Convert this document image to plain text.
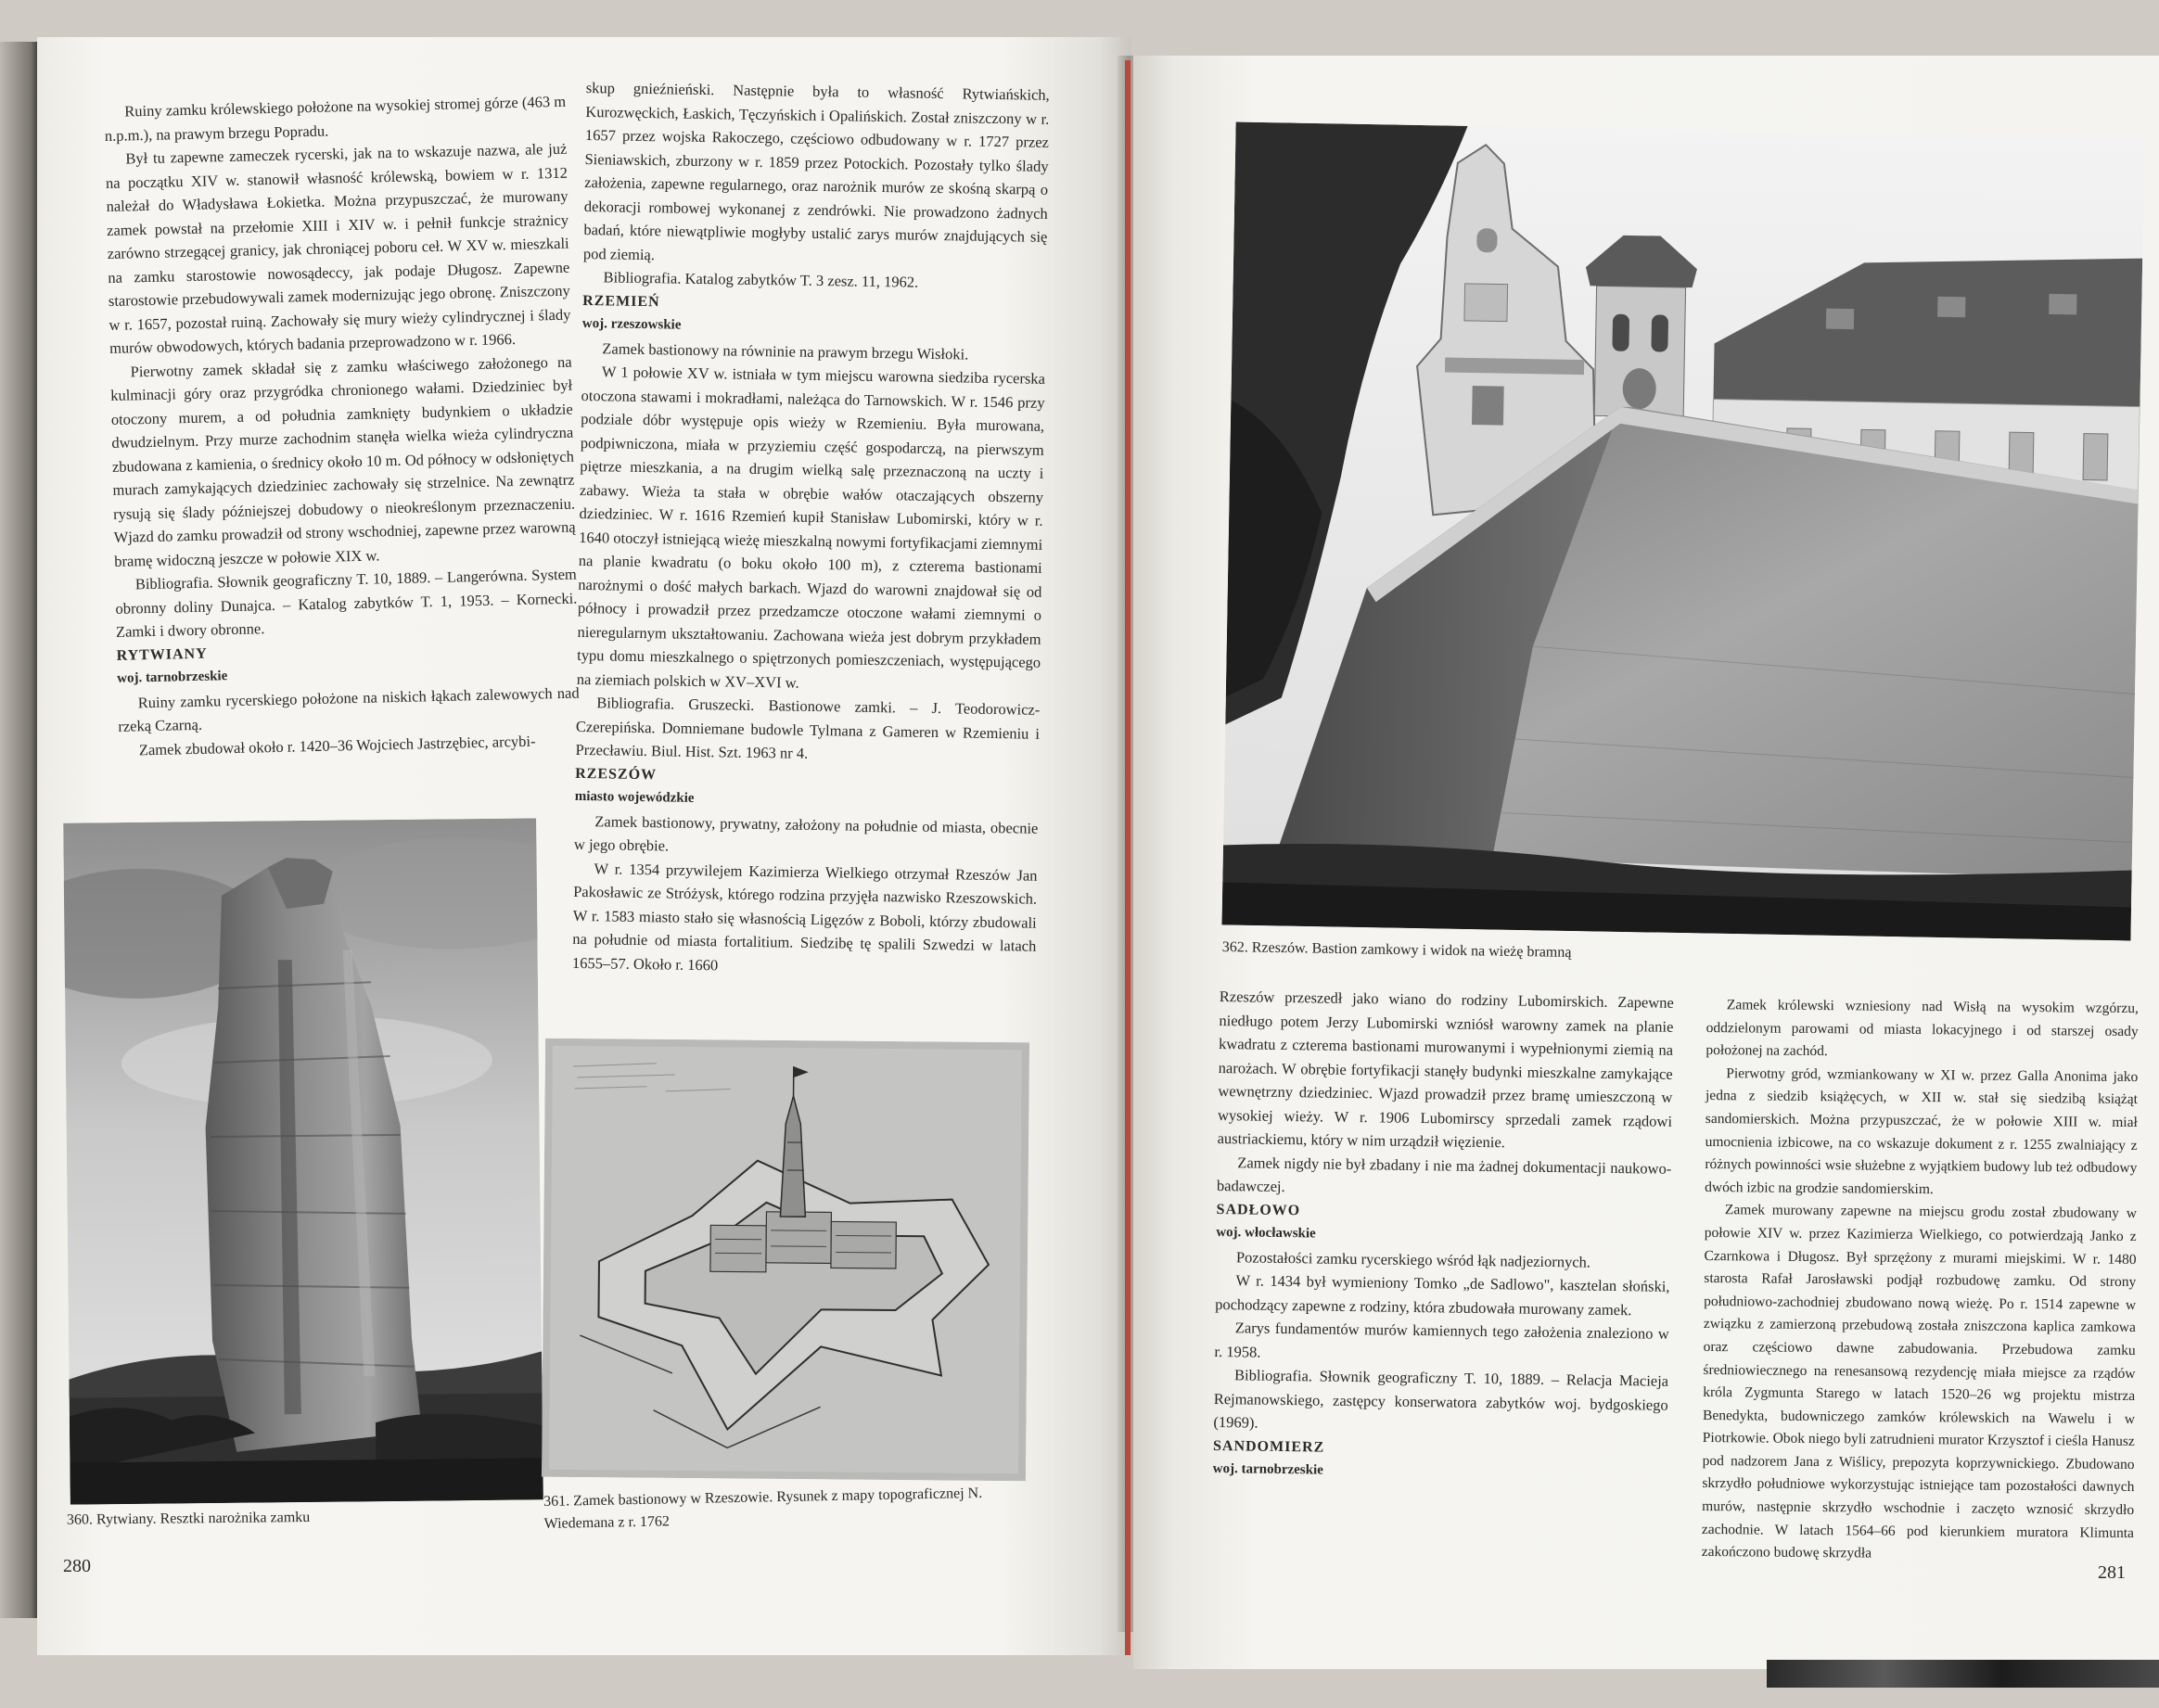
Ruiny zamku królewskiego położone na wysokiej stromej górze (463 m n.p.m.), na prawym brzegu Popradu.

Był tu zapewne zameczek rycerski, jak na to wskazuje nazwa, ale już na początku XIV w. stanowił własność królewską, bowiem w r. 1312 należał do Władysława Łokietka. Można przypuszczać, że murowany zamek powstał na przełomie XIII i XIV w. i pełnił funkcje strażnicy zarówno strzegącej granicy, jak chroniącej poboru ceł. W XV w. mieszkali na zamku starostowie nowosądeccy, jak podaje Długosz. Zapewne starostowie przebudowywali zamek modernizując jego obronę. Zniszczony w r. 1657, pozostał ruiną. Zachowały się mury wieży cylindrycznej i ślady murów obwodowych, których badania przeprowadzono w r. 1966.

Pierwotny zamek składał się z zamku właściwego założonego na kulminacji góry oraz przygródka chronionego wałami. Dziedziniec był otoczony murem, a od południa zamknięty budynkiem o układzie dwudzielnym. Przy murze zachodnim stanęła wielka wieża cylindryczna zbudowana z kamienia, o średnicy około 10 m. Od północy w odsłoniętych murach zamykających dziedziniec zachowały się strzelnice. Na zewnątrz rysują się ślady późniejszej dobudowy o nieokreślonym przeznaczeniu. Wjazd do zamku prowadził od strony wschodniej, zapewne przez warowną bramę widoczną jeszcze w połowie XIX w.

Bibliografia. Słownik geograficzny T. 10, 1889. – Langerówna. System obronny doliny Dunajca. – Katalog zabytków T. 1, 1953. – Kornecki. Zamki i dwory obronne.

RYTWIANY

woj. tarnobrzeskie

Ruiny zamku rycerskiego położone na niskich łąkach zalewowych nad rzeką Czarną.

Zamek zbudował około r. 1420–36 Wojciech Jastrzębiec, arcybi-

skup gnieźnieński. Następnie była to własność Rytwiańskich, Kurozwęckich, Łaskich, Tęczyńskich i Opalińskich. Został zniszczony w r. 1657 przez wojska Rakoczego, częściowo odbudowany w r. 1727 przez Sieniawskich, zburzony w r. 1859 przez Potockich. Pozostały tylko ślady założenia, zapewne regularnego, oraz narożnik murów ze skośną skarpą o dekoracji rombowej wykonanej z zendrówki. Nie prowadzono żadnych badań, które niewątpliwie mogłyby ustalić zarys murów znajdujących się pod ziemią.

Bibliografia. Katalog zabytków T. 3 zesz. 11, 1962.

RZEMIEŃ

woj. rzeszowskie

Zamek bastionowy na równinie na prawym brzegu Wisłoki.

W 1 połowie XV w. istniała w tym miejscu warowna siedziba rycerska otoczona stawami i mokradłami, należąca do Tarnowskich. W r. 1546 przy podziale dóbr występuje opis wieży w Rzemieniu. Była murowana, podpiwniczona, miała w przyziemiu część gospodarczą, na pierwszym piętrze mieszkania, a na drugim wielką salę przeznaczoną na uczty i zabawy. Wieża ta stała w obrębie wałów otaczających obszerny dziedziniec. W r. 1616 Rzemień kupił Stanisław Lubomirski, który w r. 1640 otoczył istniejącą wieżę mieszkalną nowymi fortyfikacjami ziemnymi na planie kwadratu (o boku około 100 m), z czterema bastionami narożnymi o dość małych barkach. Wjazd do warowni znajdował się od północy i prowadził przez przedzamcze otoczone wałami ziemnymi o nieregularnym ukształtowaniu. Zachowana wieża jest dobrym przykładem typu domu mieszkalnego o spiętrzonych pomieszczeniach, występującego na ziemiach polskich w XV–XVI w.

Bibliografia. Gruszecki. Bastionowe zamki. – J. Teodorowicz-Czerepińska. Domniemane budowle Tylmana z Gameren w Rzemieniu i Przecławiu. Biul. Hist. Szt. 1963 nr 4.

RZESZÓW

miasto wojewódzkie

Zamek bastionowy, prywatny, założony na południe od miasta, obecnie w jego obrębie.

W r. 1354 przywilejem Kazimierza Wielkiego otrzymał Rzeszów Jan Pakosławic ze Stróżysk, którego rodzina przyjęła nazwisko Rzeszowskich. W r. 1583 miasto stało się własnością Ligęzów z Boboli, którzy zbudowali na południe od miasta fortalitium. Siedzibę tę spalili Szwedzi w latach 1655–57. Około r. 1660

360. Rytwiany. Resztki narożnika zamku
361. Zamek bastionowy w Rzeszowie. Rysunek z mapy topograficznej N. Wiedemana z r. 1762
280
362. Rzeszów. Bastion zamkowy i widok na wieżę bramną

Rzeszów przeszedł jako wiano do rodziny Lubomirskich. Zapewne niedługo potem Jerzy Lubomirski wzniósł warowny zamek na planie kwadratu z czterema bastionami murowanymi i wypełnionymi ziemią na narożach. W obrębie fortyfikacji stanęły budynki mieszkalne zamykające wewnętrzny dziedziniec. Wjazd prowadził przez bramę umieszczoną w wysokiej wieży. W r. 1906 Lubomirscy sprzedali zamek rządowi austriackiemu, który w nim urządził więzienie.

Zamek nigdy nie był zbadany i nie ma żadnej dokumentacji naukowo-badawczej.

SADŁOWO

woj. włocławskie

Pozostałości zamku rycerskiego wśród łąk nadjeziornych.

W r. 1434 był wymieniony Tomko „de Sadlowo", kasztelan słoński, pochodzący zapewne z rodziny, która zbudowała murowany zamek.

Zarys fundamentów murów kamiennych tego założenia znaleziono w r. 1958.

Bibliografia. Słownik geograficzny T. 10, 1889. – Relacja Macieja Rejmanowskiego, zastępcy konserwatora zabytków woj. bydgoskiego (1969).

SANDOMIERZ

woj. tarnobrzeskie

Zamek królewski wzniesiony nad Wisłą na wysokim wzgórzu, oddzielonym parowami od miasta lokacyjnego i od starszej osady położonej na zachód.

Pierwotny gród, wzmiankowany w XI w. przez Galla Anonima jako jedna z siedzib książęcych, w XII w. stał się siedzibą książąt sandomierskich. Można przypuszczać, że w połowie XIII w. miał umocnienia izbicowe, na co wskazuje dokument z r. 1255 zwalniający z różnych powinności wsie służebne z wyjątkiem budowy lub też odbudowy dwóch izbic na grodzie sandomierskim.

Zamek murowany zapewne na miejscu grodu został zbudowany w połowie XIV w. przez Kazimierza Wielkiego, co potwierdzają Janko z Czarnkowa i Długosz. Był sprzężony z murami miejskimi. W r. 1480 starosta Rafał Jarosławski podjął rozbudowę zamku. Od strony południowo-zachodniej zbudowano nową wieżę. Po r. 1514 zapewne w związku z zamierzoną przebudową została zniszczona kaplica zamkowa oraz częściowo dawne zabudowania. Przebudowa zamku średniowiecznego na renesansową rezydencję miała miejsce za rządów króla Zygmunta Starego w latach 1520–26 wg projektu mistrza Benedykta, budowniczego zamków królewskich na Wawelu i w Piotrkowie. Obok niego byli zatrudnieni murator Krzysztof i cieśla Hanusz pod nadzorem Jana z Wiślicy, prepozyta koprzywnickiego. Zbudowano skrzydło południowe wykorzystując istniejące tam pozostałości dawnych murów, następnie skrzydło wschodnie i zaczęto wznosić skrzydło zachodnie. W latach 1564–66 pod kierunkiem muratora Klimunta zakończono budowę skrzydła

281
